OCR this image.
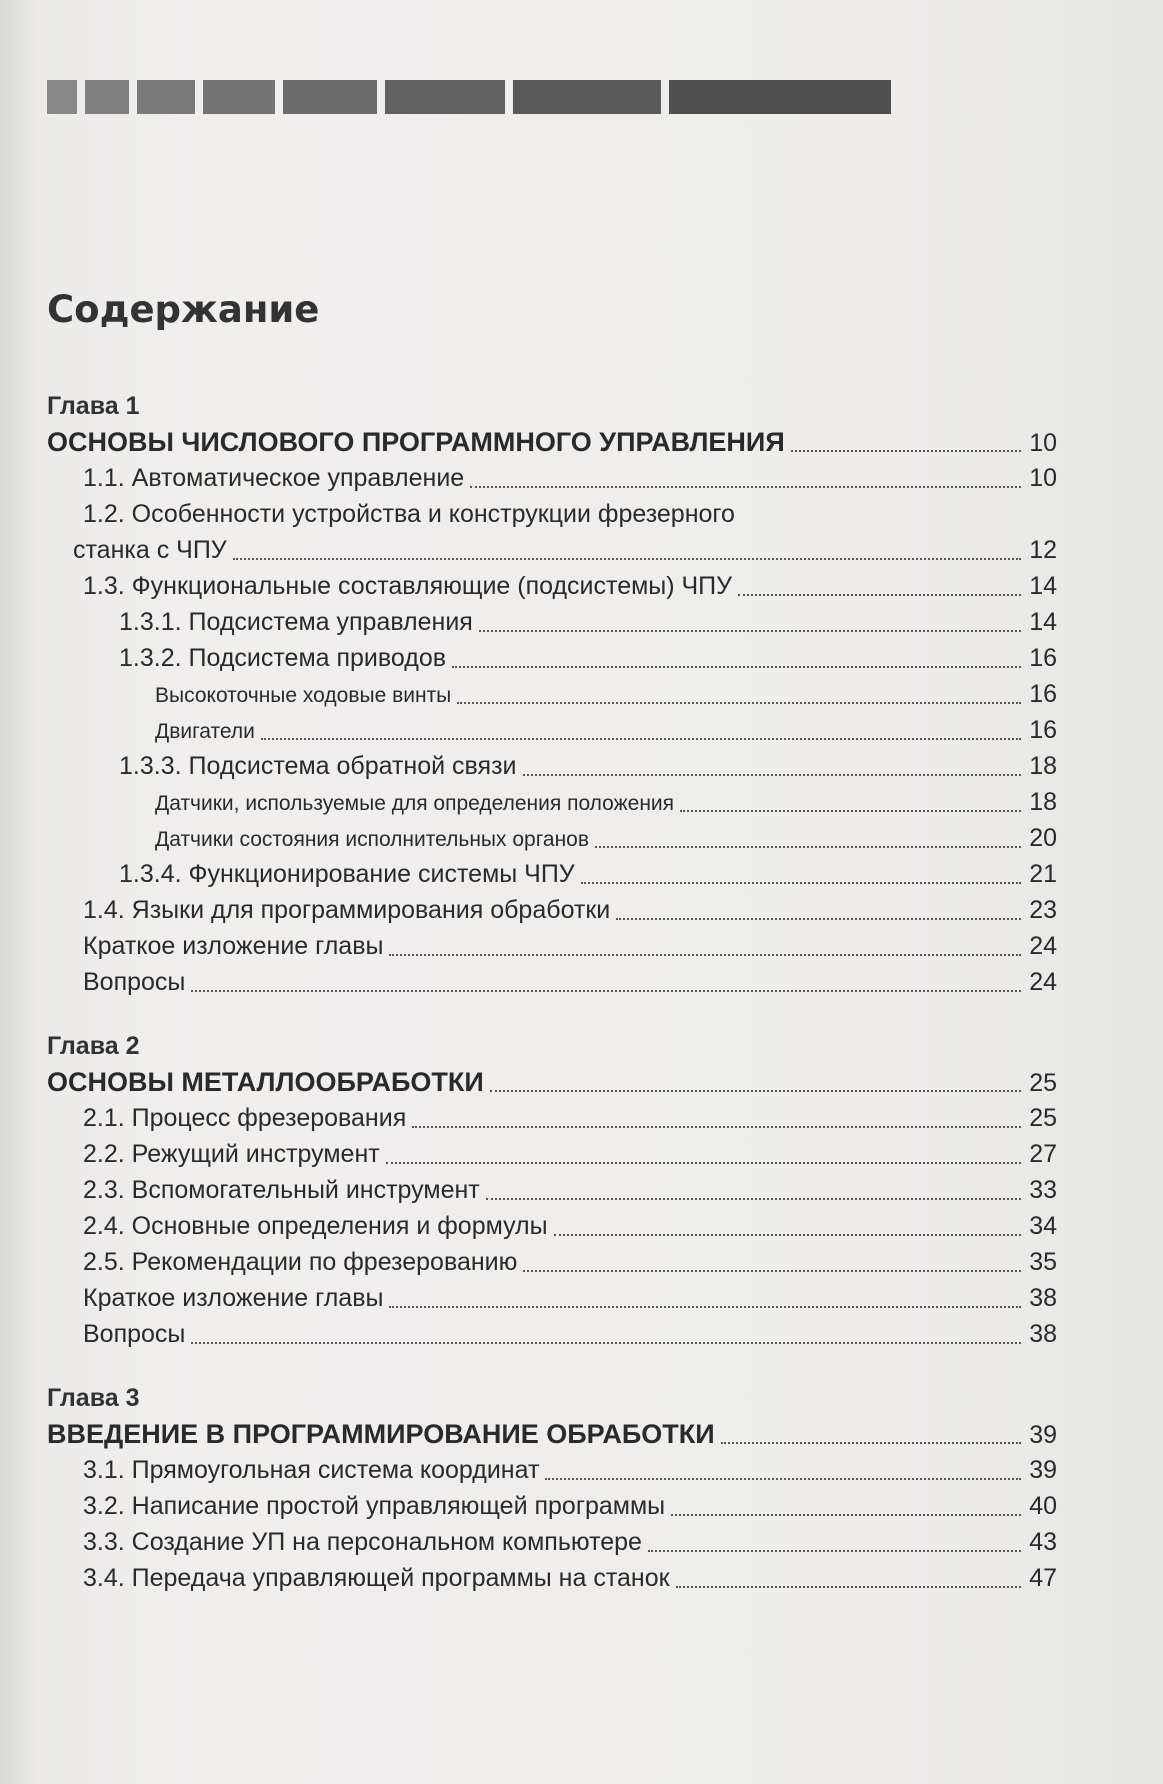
Содержание
Глава 1
ОСНОВЫ ЧИСЛОВОГО ПРОГРАММНОГО УПРАВЛЕНИЯ	10
1.1. Автоматическое управление	10
1.2. Особенности устройства и конструкции фрезерного
станка с ЧПУ	12
1.3. Функциональные составляющие (подсистемы) ЧПУ	14
1.3.1. Подсистема управления	14
1.3.2. Подсистема приводов	16
Высокоточные ходовые винты	16
Двигатели	16
1.3.3. Подсистема обратной связи	18
Датчики, используемые для определения положения	18
Датчики состояния исполнительных органов	20
1.3.4. Функционирование системы ЧПУ	21
1.4. Языки для программирования обработки	23
Краткое изложение главы	24
Вопросы	24
Глава 2
ОСНОВЫ МЕТАЛЛООБРАБОТКИ	25
2.1. Процесс фрезерования	25
2.2. Режущий инструмент	27
2.3. Вспомогательный инструмент	33
2.4. Основные определения и формулы	34
2.5. Рекомендации по фрезерованию	35
Краткое изложение главы	38
Вопросы	38
Глава 3
ВВЕДЕНИЕ В ПРОГРАММИРОВАНИЕ ОБРАБОТКИ	39
3.1. Прямоугольная система координат	39
3.2. Написание простой управляющей программы	40
3.3. Создание УП на персональном компьютере	43
3.4. Передача управляющей программы на станок	47
